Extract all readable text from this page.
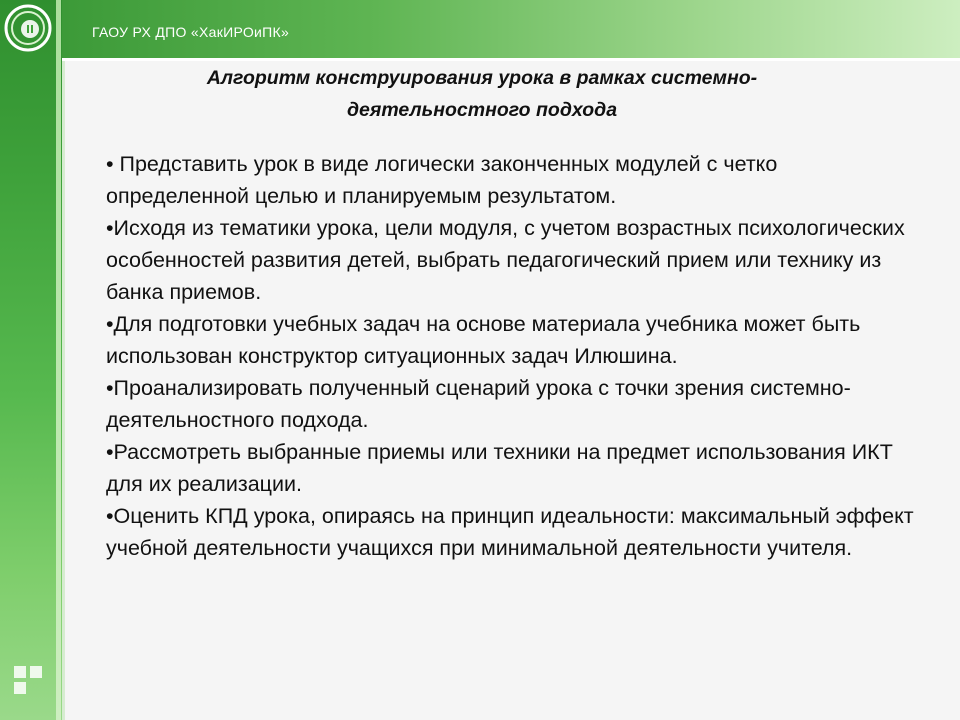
ГАОУ РХ ДПО «ХакИРОиПК»
Алгоритм конструирования урока в рамках системно-
деятельностного подхода
• Представить урок в виде логически законченных модулей с четко определенной целью и планируемым результатом.
•Исходя из тематики урока, цели модуля, с учетом возрастных психологических особенностей развития детей, выбрать педагогический прием или технику из банка приемов.
•Для подготовки учебных задач на основе материала учебника может быть использован конструктор ситуационных задач Илюшина.
•Проанализировать полученный сценарий урока с точки зрения системно-деятельностного подхода.
•Рассмотреть выбранные приемы или техники на предмет использования ИКТ для их реализации.
•Оценить КПД урока, опираясь на принцип идеальности: максимальный эффект учебной деятельности учащихся при минимальной деятельности учителя.
